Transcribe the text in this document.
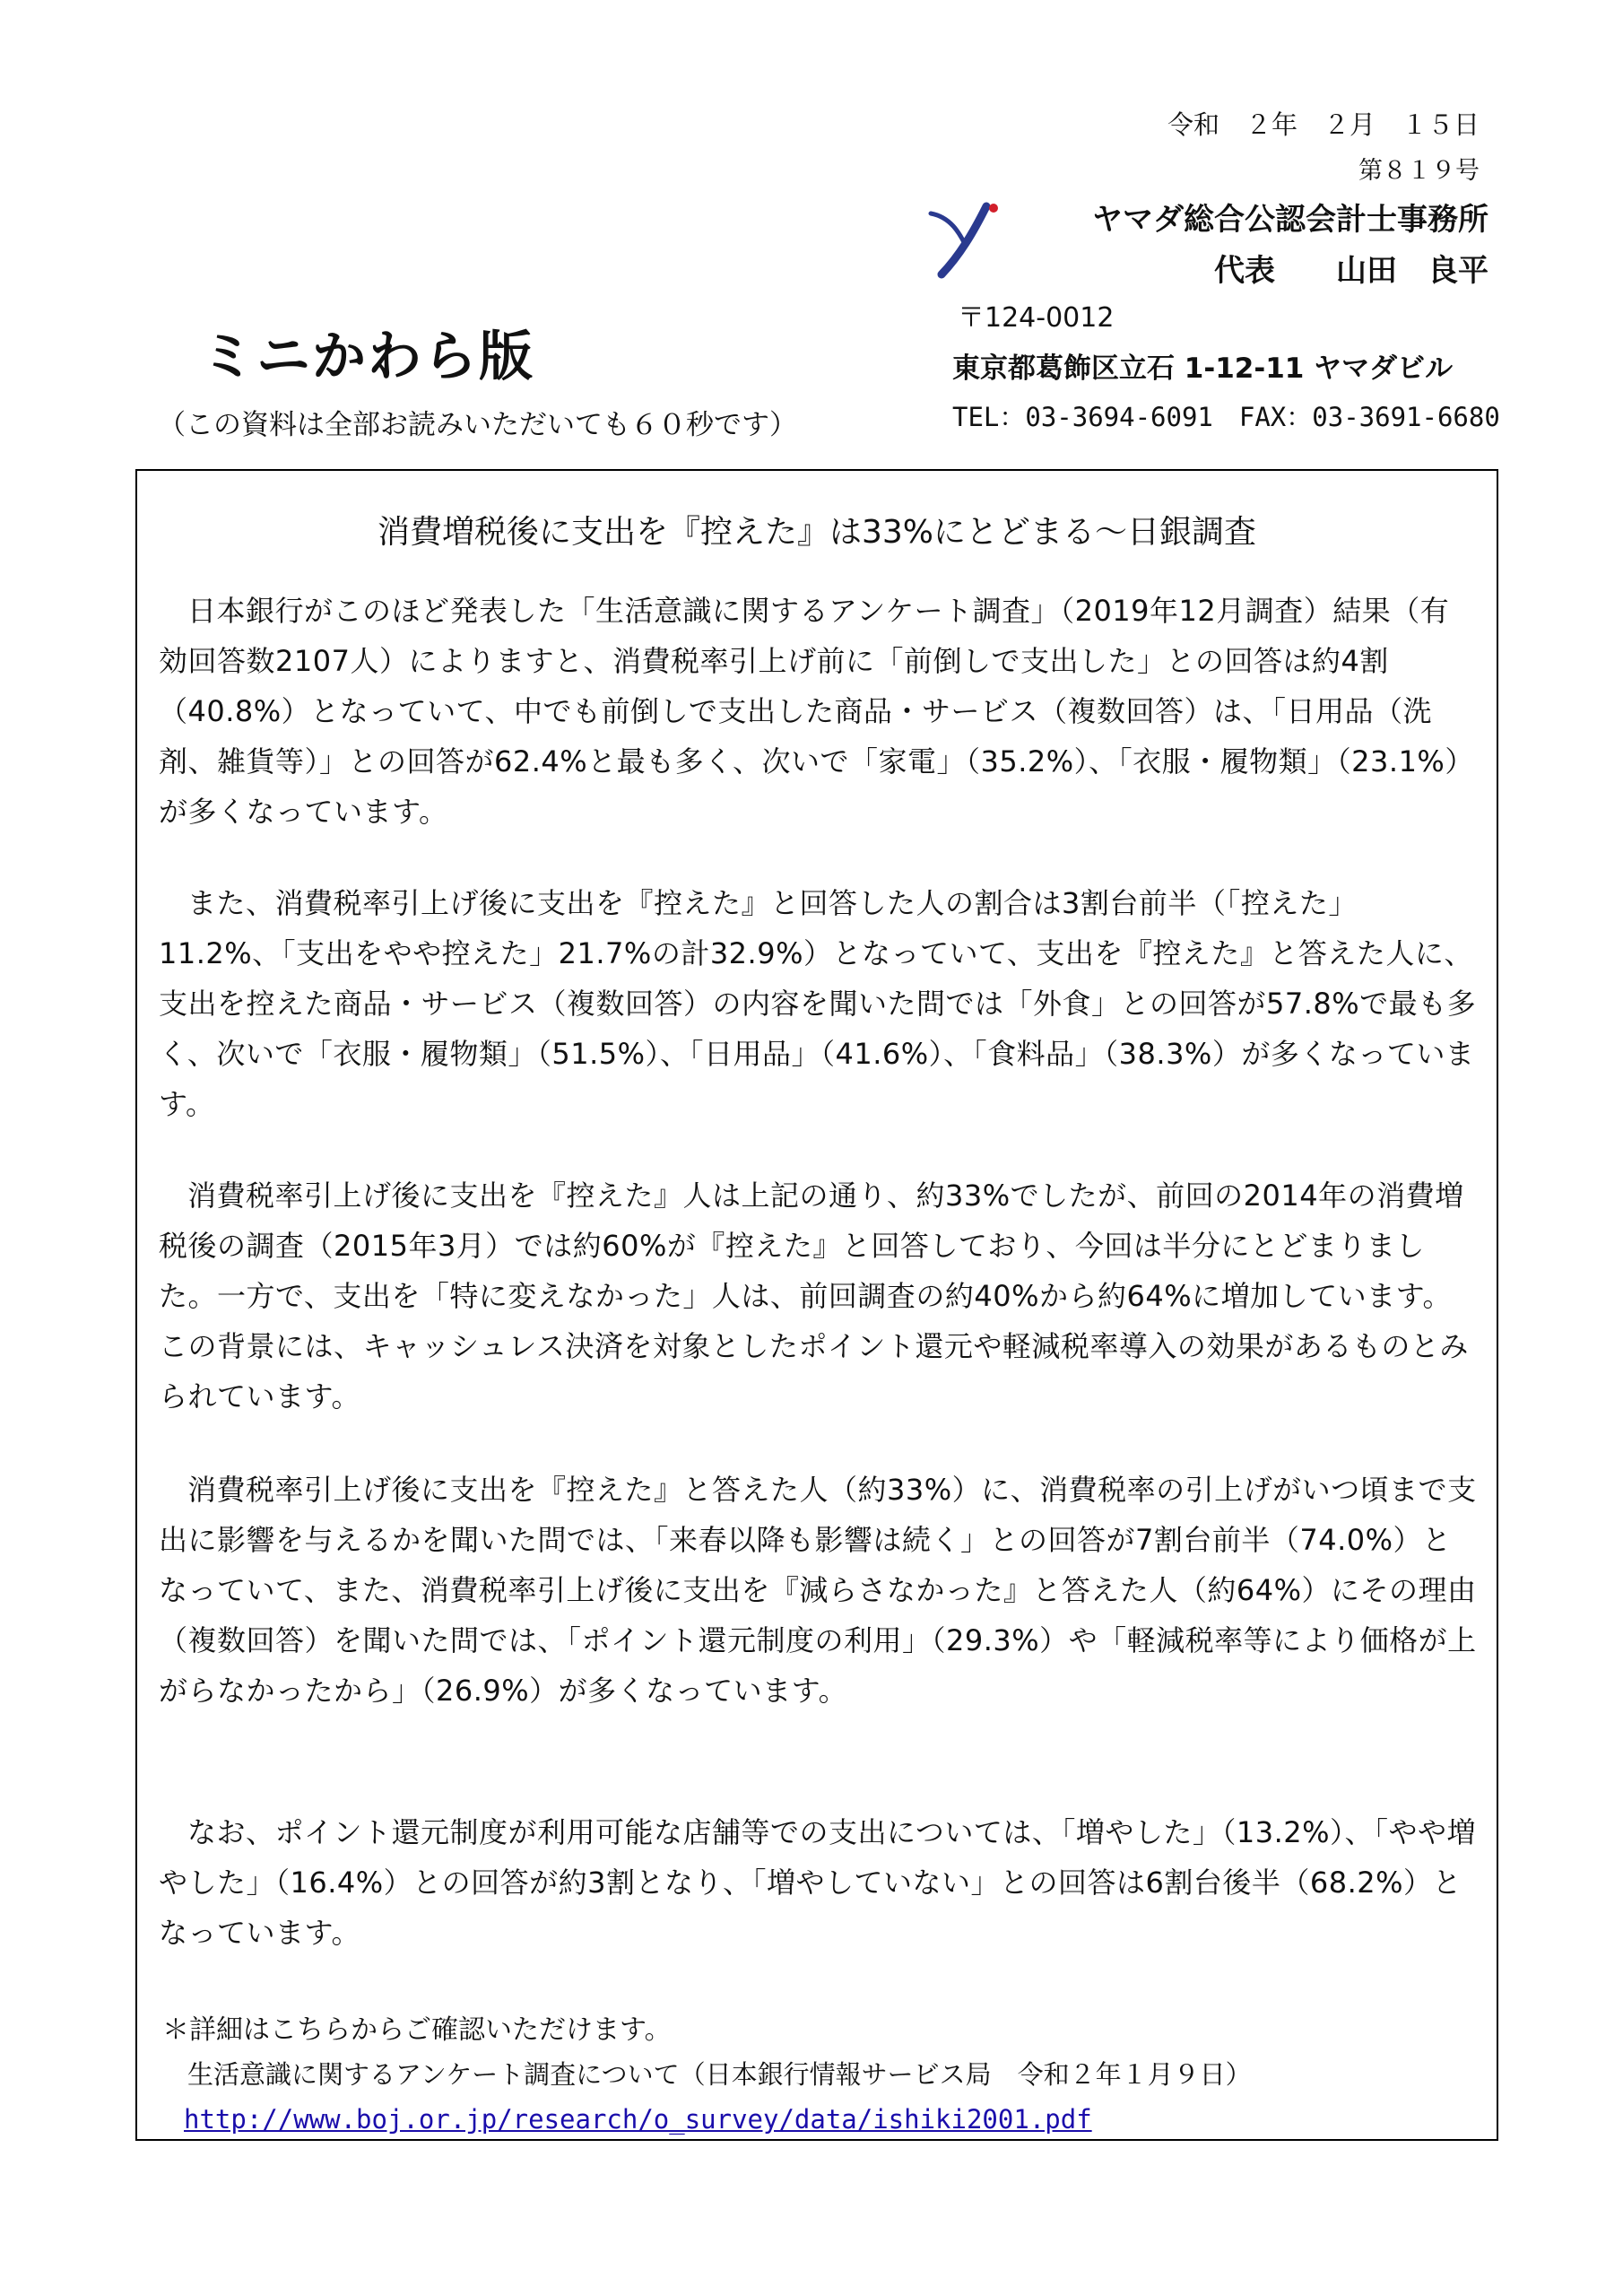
令和　２年　２月　１５日
第８１９号
ヤマダ総合公認会計士事務所
代表　　山田　良平
ミニかわら版
（この資料は全部お読みいただいても６０秒です）
〒124-0012
東京都葛飾区立石 1-12-11 ヤマダビル
TEL：03-3694-6091　FAX：03-3691-6680
消費増税後に支出を『控えた』は33%にとどまる～日銀調査
日本銀行がこのほど発表した「生活意識に関するアンケート調査」（2019年12月調査）結果（有効回答数2107人）によりますと、消費税率引上げ前に「前倒しで支出した」との回答は約4割（40.8%）となっていて、中でも前倒しで支出した商品・サービス（複数回答）は、「日用品（洗剤、雑貨等）」との回答が62.4%と最も多く、次いで「家電」（35.2%）、「衣服・履物類」（23.1%）が多くなっています。
また、消費税率引上げ後に支出を『控えた』と回答した人の割合は3割台前半（「控えた」11.2%、「支出をやや控えた」21.7%の計32.9%）となっていて、支出を『控えた』と答えた人に、支出を控えた商品・サービス（複数回答）の内容を聞いた問では「外食」との回答が57.8%で最も多く、次いで「衣服・履物類」（51.5%）、「日用品」（41.6%）、「食料品」（38.3%）が多くなっています。
消費税率引上げ後に支出を『控えた』人は上記の通り、約33%でしたが、前回の2014年の消費増税後の調査（2015年3月）では約60%が『控えた』と回答しており、今回は半分にとどまりました。一方で、支出を「特に変えなかった」人は、前回調査の約40%から約64%に増加しています。この背景には、キャッシュレス決済を対象としたポイント還元や軽減税率導入の効果があるものとみられています。
消費税率引上げ後に支出を『控えた』と答えた人（約33%）に、消費税率の引上げがいつ頃まで支出に影響を与えるかを聞いた問では、「来春以降も影響は続く」との回答が7割台前半（74.0%）となっていて、また、消費税率引上げ後に支出を『減らさなかった』と答えた人（約64%）にその理由（複数回答）を聞いた問では、「ポイント還元制度の利用」（29.3%）や「軽減税率等により価格が上がらなかったから」（26.9%）が多くなっています。
なお、ポイント還元制度が利用可能な店舗等での支出については、「増やした」（13.2%）、「やや増やした」（16.4%）との回答が約3割となり、「増やしていない」との回答は6割台後半（68.2%）となっています。
＊詳細はこちらからご確認いただけます。
生活意識に関するアンケート調査について（日本銀行情報サービス局　令和２年１月９日）
http://www.boj.or.jp/research/o_survey/data/ishiki2001.pdf
